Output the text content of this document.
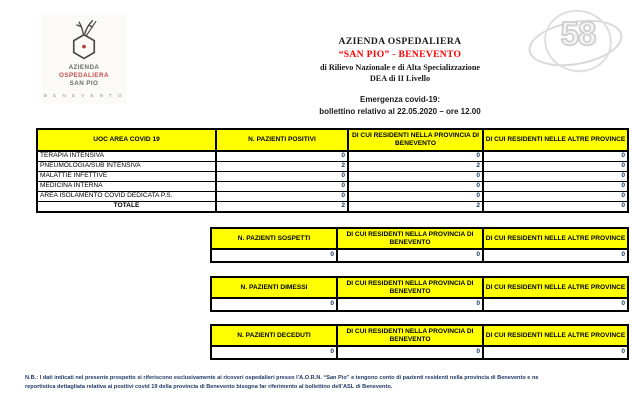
AZIENDA
OSPEDALIERA
SAN PIO
B E N E V E N T O
58
AZIENDA OSPEDALIERA
“SAN PIO” - BENEVENTO
di Rilievo Nazionale e di Alta Specializzazione
DEA di II Livello
Emergenza covid-19:
bollettino relativo al 22.05.2020 – ore 12.00
UOC AREA COVID 19	N. PAZIENTI POSITIVI	DI CUI RESIDENTI NELLA PROVINCIA DI BENEVENTO	DI CUI RESIDENTI NELLE ALTRE PROVINCE
TERAPIA INTENSIVA	0	0	0
PNEUMOLOGIA/SUB INTENSIVA	2	2	0
MALATTIE INFETTIVE	0	0	0
MEDICINA INTERNA	0	0	0
AREA ISOLAMENTO COVID DEDICATA P.S.	0	0	0
TOTALE	2	2	0
N. PAZIENTI SOSPETTI	DI CUI RESIDENTI NELLA PROVINCIA DI BENEVENTO	DI CUI RESIDENTI NELLE ALTRE PROVINCE
0	0	0
N. PAZIENTI DIMESSI	DI CUI RESIDENTI NELLA PROVINCIA DI BENEVENTO	DI CUI RESIDENTI NELLE ALTRE PROVINCE
0	0	0
N. PAZIENTI DECEDUTI	DI CUI RESIDENTI NELLA PROVINCIA DI BENEVENTO	DI CUI RESIDENTI NELLE ALTRE PROVINCE
0	0	0
N.B.: I dati indicati nel presente prospetto si riferiscono esclusivamente ai ricoveri ospedalieri presso l’A.O.R.N. “San Pio” e tengono conto di pazienti residenti nella provincia di Benevento e ne
reportistica dettagliata relativa ai positivi covid 19 della provincia di Benevento bisogna far riferimento al bollettino dell’ASL di Benevento.
